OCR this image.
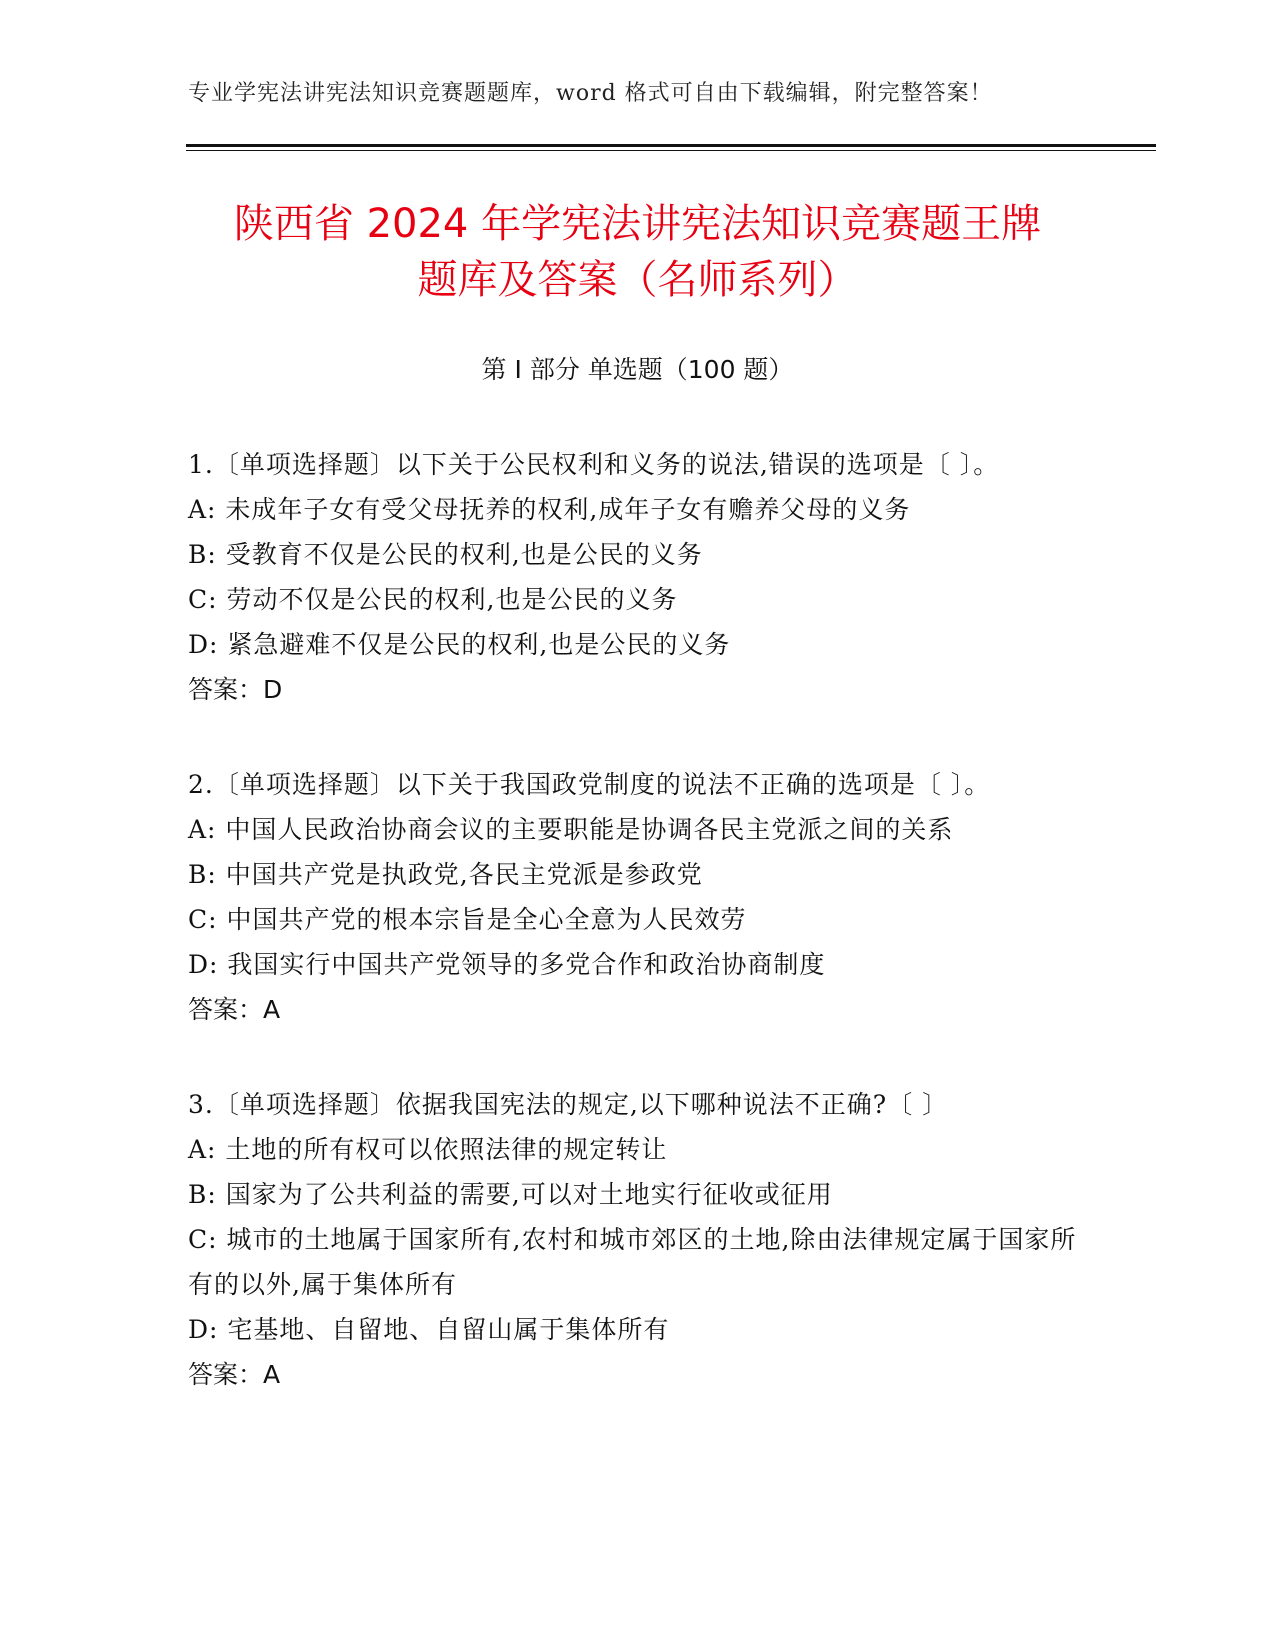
专业学宪法讲宪法知识竞赛题题库，word 格式可自由下载编辑，附完整答案！
陕西省 2024 年学宪法讲宪法知识竞赛题王牌
题库及答案（名师系列）
第 I 部分 单选题（100 题）
1.〔单项选择题〕以下关于公民权利和义务的说法,错误的选项是〔 〕。
A: 未成年子女有受父母抚养的权利,成年子女有赡养父母的义务
B: 受教育不仅是公民的权利,也是公民的义务
C: 劳动不仅是公民的权利,也是公民的义务
D: 紧急避难不仅是公民的权利,也是公民的义务
答案：D
2.〔单项选择题〕以下关于我国政党制度的说法不正确的选项是〔 〕。
A: 中国人民政治协商会议的主要职能是协调各民主党派之间的关系
B: 中国共产党是执政党,各民主党派是参政党
C: 中国共产党的根本宗旨是全心全意为人民效劳
D: 我国实行中国共产党领导的多党合作和政治协商制度
答案：A
3.〔单项选择题〕依据我国宪法的规定,以下哪种说法不正确?〔 〕
A: 土地的所有权可以依照法律的规定转让
B: 国家为了公共利益的需要,可以对土地实行征收或征用
C: 城市的土地属于国家所有,农村和城市郊区的土地,除由法律规定属于国家所有的以外,属于集体所有
D: 宅基地、自留地、自留山属于集体所有
答案：A
